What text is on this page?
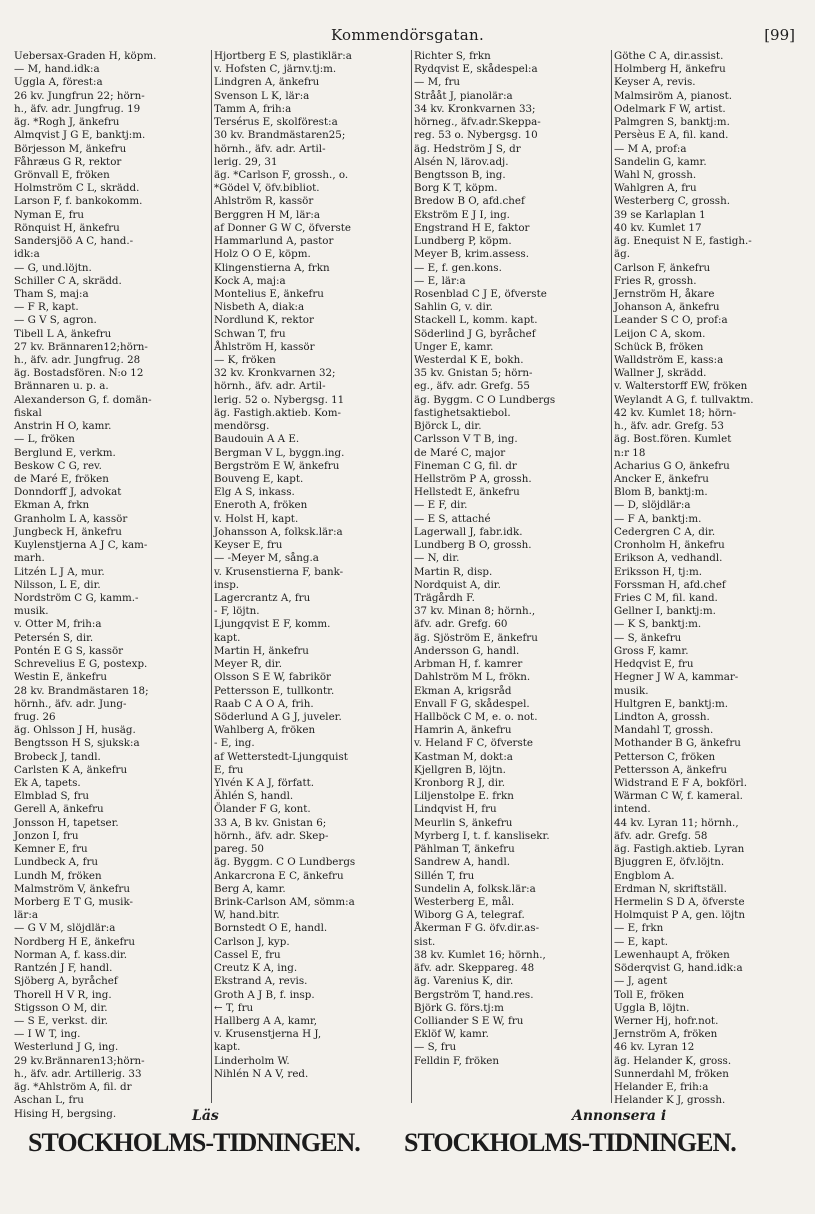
Kommendörsgatan.	[99]
Uebersax-Graden H, köpm.
— M, hand.idk:a
Uggla A, förest:a
26 kv. Jungfrun 22; hörn-
h., äfv. adr. Jungfrug. 19
äg. *Rogh J, änkefru
Almqvist J G E, banktj:m.
Börjesson M, änkefru
Fåhræus G R, rektor
Grönvall E, fröken
Holmström C L, skrädd.
Larson F, f. bankokomm.
Nyman E, fru
Rönquist H, änkefru
Sandersjöö A C, hand.-
idk:a
— G, und.löjtn.
Schiller C A, skrädd.
Tham S, maj:a
— F R, kapt.
— G V S, agron.
Tibell L A, änkefru
27 kv. Brännaren12;hörn-
h., äfv. adr. Jungfrug. 28
äg. Bostadsfören. N:o 12
Brännaren u. p. a.
Alexanderson G, f. domän-
fiskal
Anstrin H O, kamr.
— L, fröken
Berglund E, verkm.
Beskow C G, rev.
de Maré E, fröken
Donndorff J, advokat
Ekman A, frkn
Granholm L A, kassör
Jungbeck H, änkefru
Kuylenstjerna A J C, kam-
marh.
Litzén L J A, mur.
Nilsson, L E, dir.
Nordström C G, kamm.-
musik.
v. Otter M, frih:a
Petersén S, dir.
Pontén E G S, kassör
Schrevelius E G, postexp.
Westin E, änkefru
28 kv. Brandmästaren 18;
hörnh., äfv. adr. Jung-
frug. 26
äg. Ohlsson J H, husäg.
Bengtsson H S, sjuksk:a
Brobeck J, tandl.
Carlsten K A, änkefru
Ek A, tapets.
Elmblad S, fru
Gerell A, änkefru
Jonsson H, tapetser.
Jonzon I, fru
Kemner E, fru
Lundbeck A, fru
Lundh M, fröken
Malmström V, änkefru
Morberg E T G, musik-
lär:a
— G V M, slöjdlär:a
Nordberg H E, änkefru
Norman A, f. kass.dir.
Rantzén J F, handl.
Sjöberg A, byråchef
Thorell H V R, ing.
Stigsson O M, dir.
— S E, verkst. dir.
— I W T, ing.
Westerlund J G, ing.
29 kv.Brännaren13;hörn-
h., äfv. adr. Artillerig. 33
äg. *Ahlström A, fil. dr
Aschan L, fru
Hising H, bergsing.
Hjortberg E S, plastiklär:a
v. Hofsten C, järnv.tj:m.
Lindgren A, änkefru
Svenson L K, lär:a
Tamm A, frih:a
Tersérus E, skolförest:a
30 kv. Brandmästaren25;
hörnh., äfv. adr. Artil-
lerig. 29, 31
äg. *Carlson F, grossh., o.
*Gödel V, öfv.bibliot.
Ahlström R, kassör
Berggren H M, lär:a
af Donner G W C, öfverste
Hammarlund A, pastor
Holz O O E, köpm.
Klingenstierna A, frkn
Kock A, maj:a
Montelius E, änkefru
Nisbeth A, diak:a
Nordlund K, rektor
Schwan T, fru
Åhlström H, kassör
— K, fröken
32 kv. Kronkvarnen 32;
hörnh., äfv. adr. Artil-
lerig. 52 o. Nybergsg. 11
äg. Fastigh.aktieb. Kom-
mendörsg.
Baudouin A A E.
Bergman V L, byggn.ing.
Bergström E W, änkefru
Bouveng E, kapt.
Elg A S, inkass.
Eneroth A, fröken
v. Holst H, kapt.
Johansson A, folksk.lär:a
Keyser E, fru
— -Meyer M, sång.a
v. Krusenstierna F, bank-
insp.
Lagercrantz A, fru
- F, löjtn.
Ljungqvist E F, komm.
kapt.
Martin H, änkefru
Meyer R, dir.
Olsson S E W, fabrikör
Pettersson E, tullkontr.
Raab C A O A, frih.
Söderlund A G J, juveler.
Wahlberg A, fröken
- E, ing.
af Wetterstedt-Ljungquist
E, fru
Ylvén K A J, författ.
Ählén S, handl.
Ölander F G, kont.
33 A, B kv. Gnistan 6;
hörnh., äfv. adr. Skep-
pareg. 50
äg. Byggm. C O Lundbergs
Ankarcrona E C, änkefru
Berg A, kamr.
Brink-Carlson AM, sömm:a
W, hand.bitr.
Bornstedt O E, handl.
Carlson J, kyp.
Cassel E, fru
Creutz K A, ing.
Ekstrand A, revis.
Groth A J B, f. insp.
← T, fru
Hallberg A A, kamr,
v. Krusenstjerna H J,
kapt.
Linderholm W.
Nihlén N A V, red.
Richter S, frkn
Rydqvist E, skådespel:a
— M, fru
Strååt J, pianolär:a
34 kv. Kronkvarnen 33;
hörneg., äfv.adr.Skeppa-
reg. 53 o. Nybergsg. 10
äg. Hedström J S, dr
Alsén N, lärov.adj.
Bengtsson B, ing.
Borg K T, köpm.
Bredow B O, afd.chef
Ekström E J I, ing.
Engstrand H E, faktor
Lundberg P, köpm.
Meyer B, krim.assess.
— E, f. gen.kons.
— E, lär:a
Rosenblad C J E, öfverste
Sahlin G, v. dir.
Stackell L, komm. kapt.
Söderlind J G, byråchef
Unger E, kamr.
Westerdal K E, bokh.
35 kv. Gnistan 5; hörn-
eg., äfv. adr. Grefg. 55
äg. Byggm. C O Lundbergs
fastighetsaktiebol.
Björck L, dir.
Carlsson V T B, ing.
de Maré C, major
Fineman C G, fil. dr
Hellström P A, grossh.
Hellstedt E, änkefru
— E F, dir.
— E S, attaché
Lagerwall J, fabr.idk.
Lundberg B O, grossh.
— N, dir.
Martin R, disp.
Nordquist A, dir.
Trägårdh F.
37 kv. Minan 8; hörnh.,
äfv. adr. Grefg. 60
äg. Sjöström E, änkefru
Andersson G, handl.
Arbman H, f. kamrer
Dahlström M L, frökn.
Ekman A, krigsråd
Envall F G, skådespel.
Hallböck C M, e. o. not.
Hamrin A, änkefru
v. Heland F C, öfverste
Kastman M, dokt:a
Kjellgren B, löjtn.
Kronborg R J, dir.
Liljenstolpe E. frkn
Lindqvist H, fru
Meurlin S, änkefru
Myrberg I, t. f. kanslisekr.
Pählman T, änkefru
Sandrew A, handl.
Sillén T, fru
Sundelin A, folksk.lär:a
Westerberg E, mål.
Wiborg G A, telegraf.
Åkerman F G. öfv.dir.as-
sist.
38 kv. Kumlet 16; hörnh.,
äfv. adr. Skeppareg. 48
äg. Varenius K, dir.
Bergström T, hand.res.
Björk G. förs.tj:m
Colliander S E W, fru
Eklöf W, kamr.
— S, fru
Felldin F, fröken
Göthe C A, dir.assist.
Holmberg H, änkefru
Keyser A, revis.
Malmsiröm A, pianost.
Odelmark F W, artist.
Palmgren S, banktj:m.
Persèus E A, fil. kand.
— M A, prof:a
Sandelin G, kamr.
Wahl N, grossh.
Wahlgren A, fru
Westerberg C, grossh.
39 se Karlaplan 1
40 kv. Kumlet 17
äg. Enequist N E, fastigh.-
äg.
Carlson F, änkefru
Fries R, grossh.
Jernström H, åkare
Johanson A, änkefru
Leander S C O, prof:a
Leijon C A, skom.
Schück B, fröken
Walldström E, kass:a
Wallner J, skrädd.
v. Walterstorff EW, fröken
Weylandt A G, f. tullvaktm.
42 kv. Kumlet 18; hörn-
h., äfv. adr. Grefg. 53
äg. Bost.fören. Kumlet
n:r 18
Acharius G O, änkefru
Ancker E, änkefru
Blom B, banktj:m.
— D, slöjdlär:a
— F A, banktj:m.
Cedergren C A, dir.
Cronholm H, änkefru
Erikson A, vedhandl.
Eriksson H, tj:m.
Forssman H, afd.chef
Fries C M, fil. kand.
Gellner I, banktj:m.
— K S, banktj:m.
— S, änkefru
Gross F, kamr.
Hedqvist E, fru
Hegner J W A, kammar-
musik.
Hultgren E, banktj:m.
Lindton A, grossh.
Mandahl T, grossh.
Mothander B G, änkefru
Petterson C, fröken
Pettersson A, änkefru
Widstrand E F A, bokförl.
Wärman C W, f. kameral.
intend.
44 kv. Lyran 11; hörnh.,
äfv. adr. Grefg. 58
äg. Fastigh.aktieb. Lyran
Bjuggren E, öfv.löjtn.
Engblom A.
Erdman N, skriftställ.
Hermelin S D A, öfverste
Holmquist P A, gen. löjtn
— E, frkn
— E, kapt.
Lewenhaupt A, fröken
Söderqvist G, hand.idk:a
— J, agent
Toll E, fröken
Uggla B, löjtn.
Werner Hj, hofr.not.
Jernström A, fröken
46 kv. Lyran 12
äg. Helander K, gross.
Sunnerdahl M, fröken
Helander E, frih:a
Helander K J, grossh.
Läs	Annonsera i
STOCKHOLMS-TIDNINGEN. STOCKHOLMS-TIDNINGEN.
